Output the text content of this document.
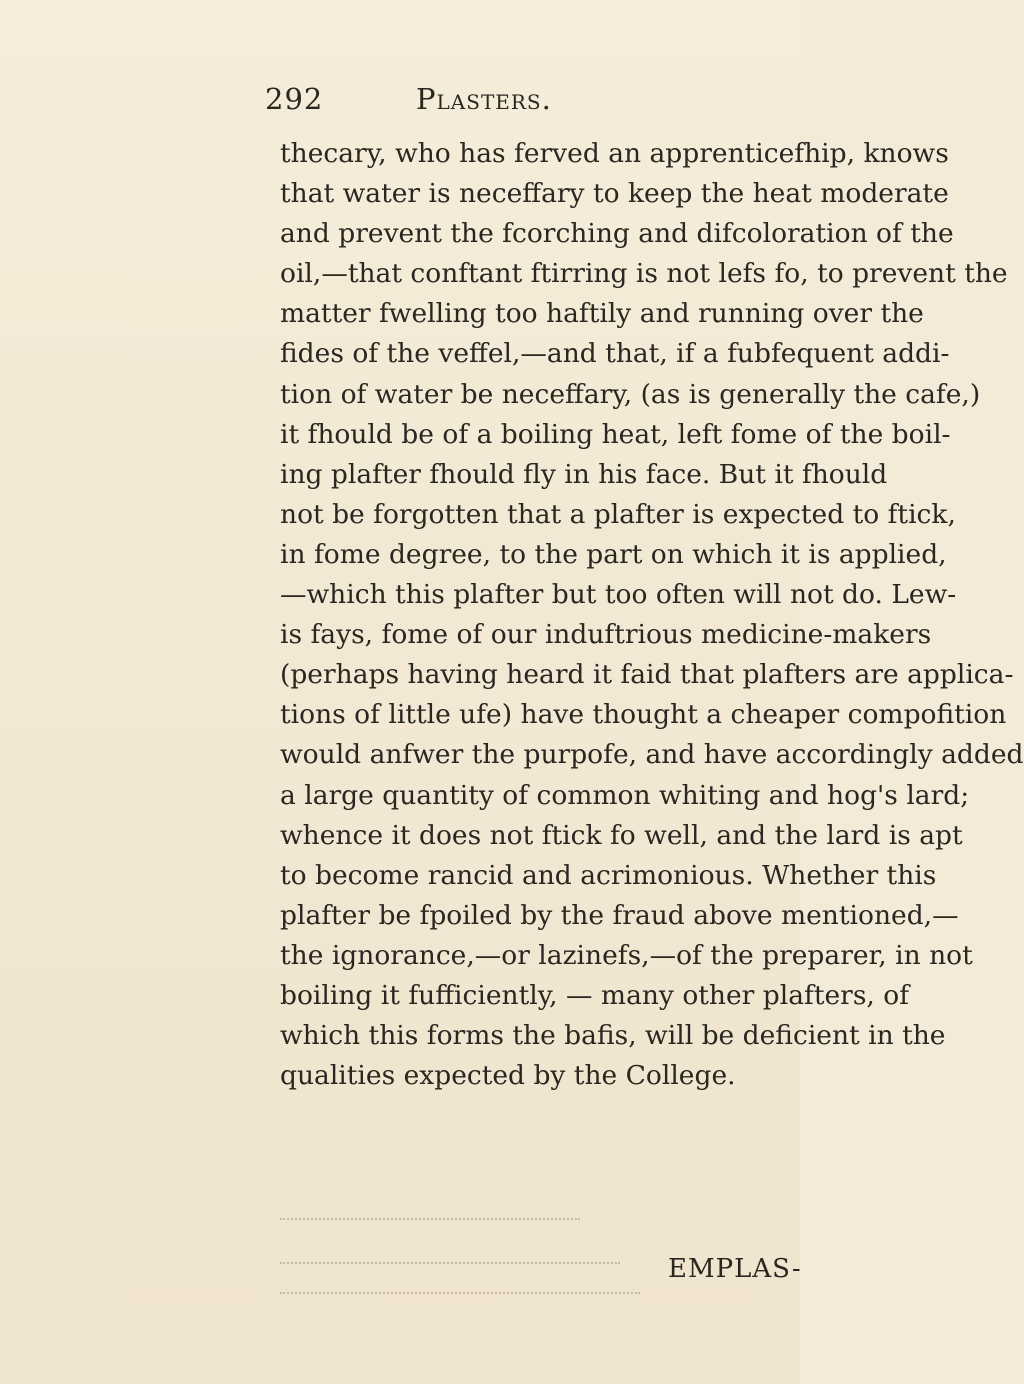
292	Plasters.
thecary, who has ferved an apprenticefhip, knows
that water is neceffary to keep the heat moderate
and prevent the fcorching and difcoloration of the
oil,—that conftant ftirring is not lefs fo, to prevent the
matter fwelling too haftily and running over the
fides of the veffel,—and that, if a fubfequent addi-
tion of water be neceffary, (as is generally the cafe,)
it fhould be of a boiling heat, left fome of the boil-
ing plafter fhould fly in his face. But it fhould
not be forgotten that a plafter is expected to ftick,
in fome degree, to the part on which it is applied,
—which this plafter but too often will not do. Lew-
is fays, fome of our induftrious medicine-makers
(perhaps having heard it faid that plafters are applica-
tions of little ufe) have thought a cheaper compofition
would anfwer the purpofe, and have accordingly added
a large quantity of common whiting and hog's lard;
whence it does not ftick fo well, and the lard is apt
to become rancid and acrimonious. Whether this
plafter be fpoiled by the fraud above mentioned,—
the ignorance,—or lazinefs,—of the preparer, in not
boiling it fufficiently, — many other plafters, of
which this forms the bafis, will be deficient in the
qualities expected by the College.
EMPLAS-
